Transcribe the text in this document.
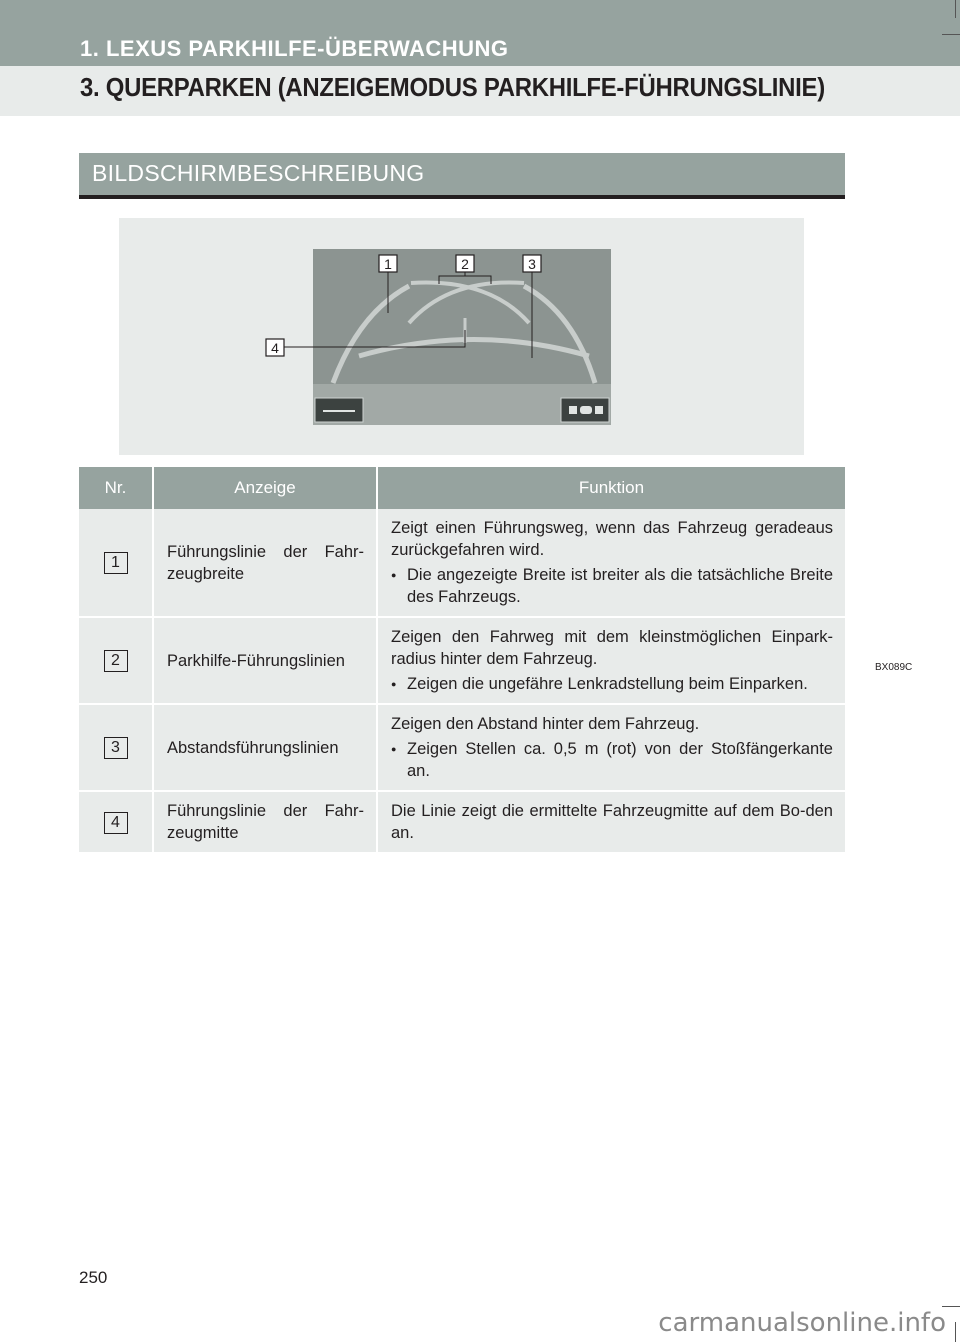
1. LEXUS PARKHILFE-ÜBERWACHUNG
3. QUERPARKEN (ANZEIGEMODUS PARKHILFE-FÜHRUNGSLINIE)
BILDSCHIRMBESCHREIBUNG
1	2	3
4
BX089C
Nr.	Anzeige	Funktion
1	Führungslinie der Fahr-zeugbreite	Zeigt einen Führungsweg, wenn das Fahrzeug geradeaus zurückgefahren wird.
● Die angezeigte Breite ist breiter als die tatsächliche Breite des Fahrzeugs.

2	Parkhilfe-Führungslinien	Zeigen den Fahrweg mit dem kleinstmöglichen Einpark-radius hinter dem Fahrzeug.
● Zeigen die ungefähre Lenkradstellung beim Einparken.

3	Abstandsführungslinien	Zeigen den Abstand hinter dem Fahrzeug.
● Zeigen Stellen ca. 0,5 m (rot) von der Stoßfängerkante an.

4	Führungslinie der Fahr-zeugmitte	Die Linie zeigt die ermittelte Fahrzeugmitte auf dem Bo-den an.
250
carmanualsonline.info
